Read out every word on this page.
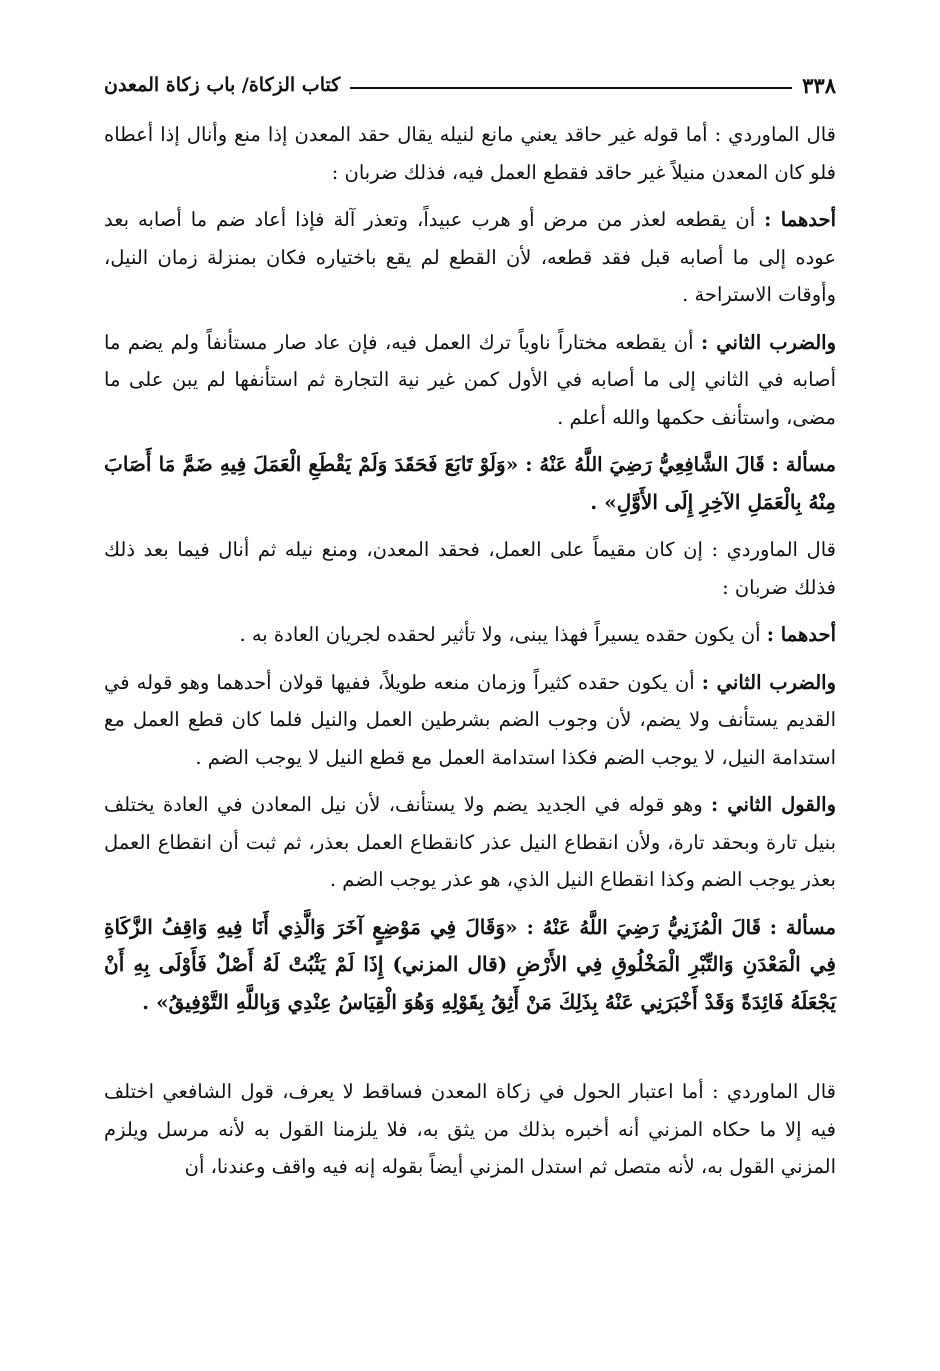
٣٣٨
كتاب الزكاة/ باب زكاة المعدن

قال الماوردي : أما قوله غير حاقد يعني مانع لنيله يقال حقد المعدن إذا منع وأنال إذا أعطاه فلو كان المعدن منيلاً غير حاقد فقطع العمل فيه، فذلك ضربان :

أحدهما : أن يقطعه لعذر من مرض أو هرب عبيداً، وتعذر آلة فإذا أعاد ضم ما أصابه بعد عوده إلى ما أصابه قبل فقد قطعه، لأن القطع لم يقع باختياره فكان بمنزلة زمان النيل، وأوقات الاستراحة .

والضرب الثاني : أن يقطعه مختاراً ناوياً ترك العمل فيه، فإن عاد صار مستأنفاً ولم يضم ما أصابه في الثاني إلى ما أصابه في الأول كمن غير نية التجارة ثم استأنفها لم يبن على ما مضى، واستأنف حكمها والله أعلم .

مسألة : قَالَ الشَّافِعِيُّ رَضِيَ اللَّهُ عَنْهُ : «وَلَوْ تَابَعَ فَحَقَدَ وَلَمْ يَقْطَعِ الْعَمَلَ فِيهِ ضَمَّ مَا أَصَابَ مِنْهُ بِالْعَمَلِ الآخِرِ إِلَى الأَوَّلِ» .

قال الماوردي : إن كان مقيماً على العمل، فحقد المعدن، ومنع نيله ثم أنال فيما بعد ذلك فذلك ضربان :

أحدهما : أن يكون حقده يسيراً فهذا يبنى، ولا تأثير لحقده لجريان العادة به .

والضرب الثاني : أن يكون حقده كثيراً وزمان منعه طويلاً، ففيها قولان أحدهما وهو قوله في القديم يستأنف ولا يضم، لأن وجوب الضم بشرطين العمل والنيل فلما كان قطع العمل مع استدامة النيل، لا يوجب الضم فكذا استدامة العمل مع قطع النيل لا يوجب الضم .

والقول الثاني : وهو قوله في الجديد يضم ولا يستأنف، لأن نيل المعادن في العادة يختلف بنيل تارة وبحقد تارة، ولأن انقطاع النيل عذر كانقطاع العمل بعذر، ثم ثبت أن انقطاع العمل بعذر يوجب الضم وكذا انقطاع النيل الذي، هو عذر يوجب الضم .

مسألة : قَالَ الْمُزَنِيُّ رَضِيَ اللَّهُ عَنْهُ : «وَقَالَ فِي مَوْضِعٍ آخَرَ وَالَّذِي أَنَا فِيهِ وَاقِفُ الزَّكَاةِ فِي الْمَعْدَنِ وَالتِّبْرِ الْمَخْلُوقِ فِي الأَرْضِ (قال المزني) إِذَا لَمْ يَثْبُتْ لَهُ أَصْلٌ فَأَوْلَى بِهِ أَنْ يَجْعَلَهُ فَائِدَةً وَقَدْ أَخْبَرَنِي عَنْهُ بِذَلِكَ مَنْ أَثِقُ بِقَوْلِهِ وَهُوَ الْقِيَاسُ عِنْدِي وَبِاللَّهِ التَّوْفِيقُ» .

قال الماوردي : أما اعتبار الحول في زكاة المعدن فساقط لا يعرف، قول الشافعي اختلف فيه إلا ما حكاه المزني أنه أخبره بذلك من يثق به، فلا يلزمنا القول به لأنه مرسل ويلزم المزني القول به، لأنه متصل ثم استدل المزني أيضاً بقوله إنه فيه واقف وعندنا، أن
